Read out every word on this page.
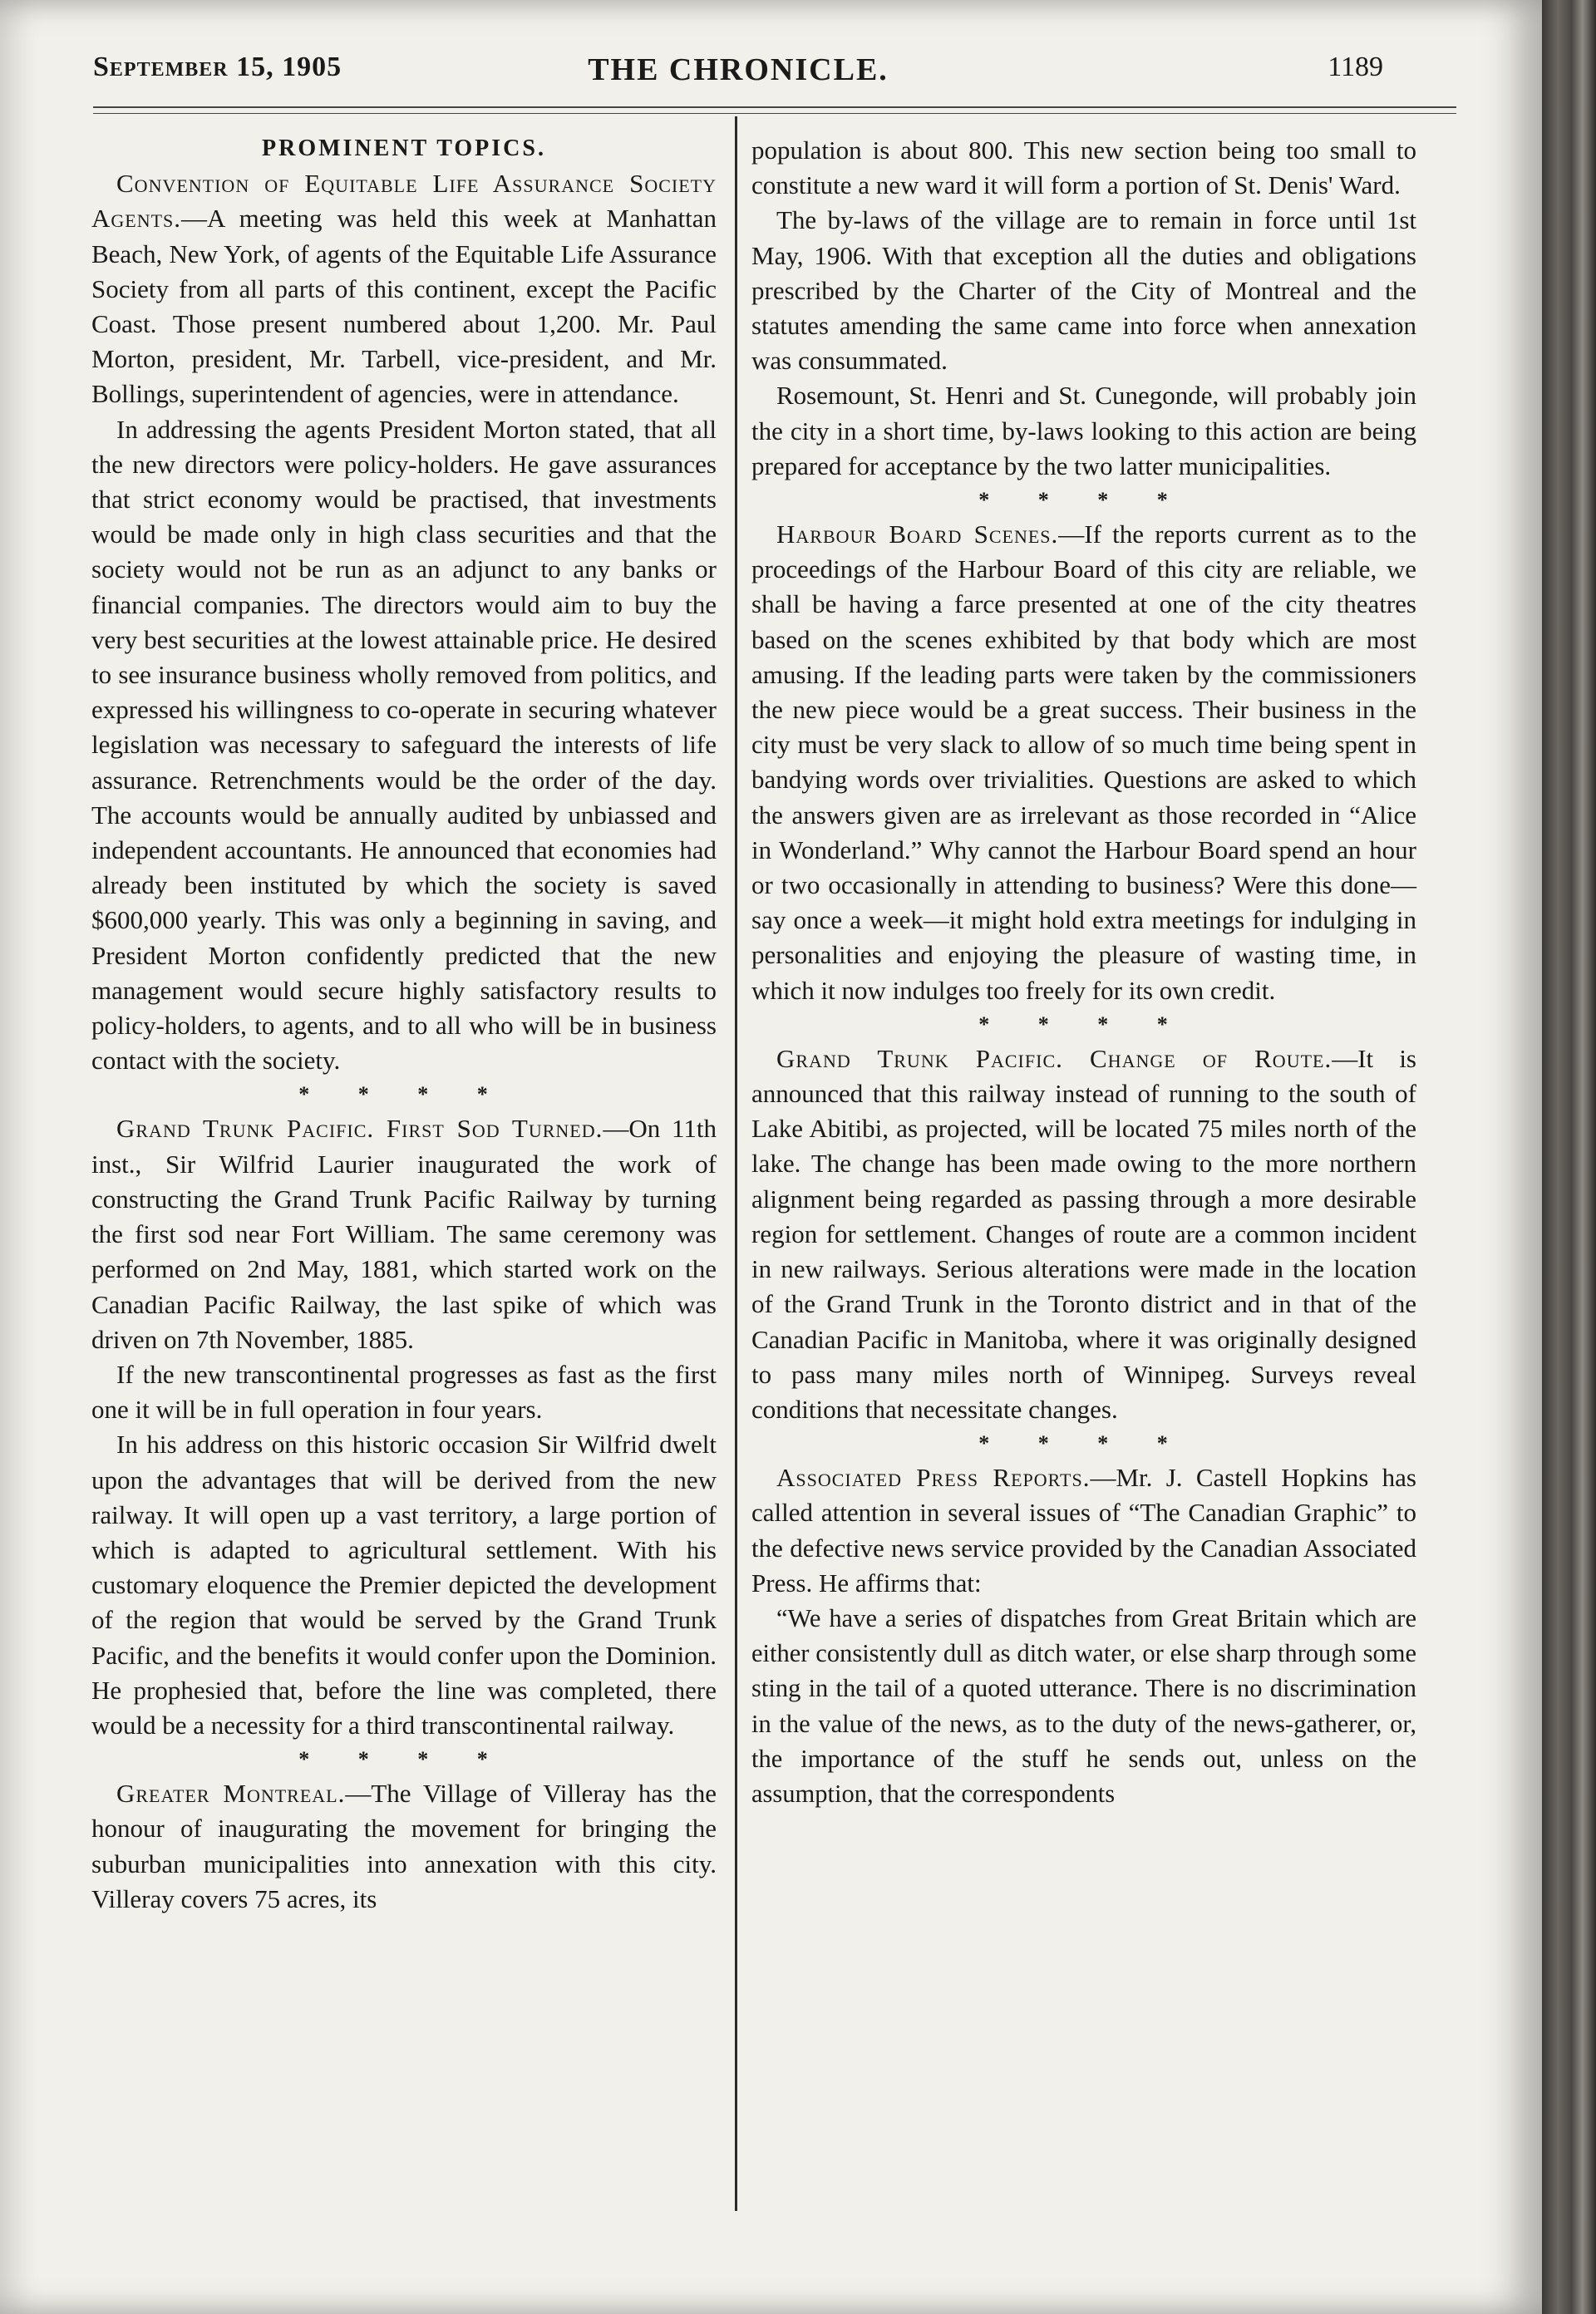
September 15, 1905	THE CHRONICLE.	1189

PROMINENT TOPICS.

Convention of Equitable Life Assurance Society Agents.—A meeting was held this week at Manhattan Beach, New York, of agents of the Equitable Life Assurance Society from all parts of this continent, except the Pacific Coast. Those present numbered about 1,200. Mr. Paul Morton, president, Mr. Tarbell, vice-president, and Mr. Bollings, superintendent of agencies, were in attendance.

In addressing the agents President Morton stated, that all the new directors were policy-holders. He gave assurances that strict economy would be practised, that investments would be made only in high class securities and that the society would not be run as an adjunct to any banks or financial companies. The directors would aim to buy the very best securities at the lowest attainable price. He desired to see insurance business wholly removed from politics, and expressed his willingness to co-operate in securing whatever legislation was necessary to safeguard the interests of life assurance. Retrenchments would be the order of the day. The accounts would be annually audited by unbiassed and independent accountants. He announced that economies had already been instituted by which the society is saved $600,000 yearly. This was only a beginning in saving, and President Morton confidently predicted that the new management would secure highly satisfactory results to policy-holders, to agents, and to all who will be in business contact with the society.

* * * *

Grand Trunk Pacific. First Sod Turned.—On 11th inst., Sir Wilfrid Laurier inaugurated the work of constructing the Grand Trunk Pacific Railway by turning the first sod near Fort William. The same ceremony was performed on 2nd May, 1881, which started work on the Canadian Pacific Railway, the last spike of which was driven on 7th November, 1885.

If the new transcontinental progresses as fast as the first one it will be in full operation in four years.

In his address on this historic occasion Sir Wilfrid dwelt upon the advantages that will be derived from the new railway. It will open up a vast territory, a large portion of which is adapted to agricultural settlement. With his customary eloquence the Premier depicted the development of the region that would be served by the Grand Trunk Pacific, and the benefits it would confer upon the Dominion. He prophesied that, before the line was completed, there would be a necessity for a third transcontinental railway.

* * * *

Greater Montreal.—The Village of Villeray has the honour of inaugurating the movement for bringing the suburban municipalities into annexation with this city. Villeray covers 75 acres, its

population is about 800. This new section being too small to constitute a new ward it will form a portion of St. Denis' Ward.

The by-laws of the village are to remain in force until 1st May, 1906. With that exception all the duties and obligations prescribed by the Charter of the City of Montreal and the statutes amending the same came into force when annexation was consummated.

Rosemount, St. Henri and St. Cunegonde, will probably join the city in a short time, by-laws looking to this action are being prepared for acceptance by the two latter municipalities.

* * * *

Harbour Board Scenes.—If the reports current as to the proceedings of the Harbour Board of this city are reliable, we shall be having a farce presented at one of the city theatres based on the scenes exhibited by that body which are most amusing. If the leading parts were taken by the commissioners the new piece would be a great success. Their business in the city must be very slack to allow of so much time being spent in bandying words over trivialities. Questions are asked to which the answers given are as irrelevant as those recorded in “Alice in Wonderland.” Why cannot the Harbour Board spend an hour or two occasionally in attending to business? Were this done—say once a week—it might hold extra meetings for indulging in personalities and enjoying the pleasure of wasting time, in which it now indulges too freely for its own credit.

* * * *

Grand Trunk Pacific. Change of Route.—It is announced that this railway instead of running to the south of Lake Abitibi, as projected, will be located 75 miles north of the lake. The change has been made owing to the more northern alignment being regarded as passing through a more desirable region for settlement. Changes of route are a common incident in new railways. Serious alterations were made in the location of the Grand Trunk in the Toronto district and in that of the Canadian Pacific in Manitoba, where it was originally designed to pass many miles north of Winnipeg. Surveys reveal conditions that necessitate changes.

* * * *

Associated Press Reports.—Mr. J. Castell Hopkins has called attention in several issues of “The Canadian Graphic” to the defective news service provided by the Canadian Associated Press. He affirms that:

“We have a series of dispatches from Great Britain which are either consistently dull as ditch water, or else sharp through some sting in the tail of a quoted utterance. There is no discrimination in the value of the news, as to the duty of the news-gatherer, or, the importance of the stuff he sends out, unless on the assumption, that the correspondents
